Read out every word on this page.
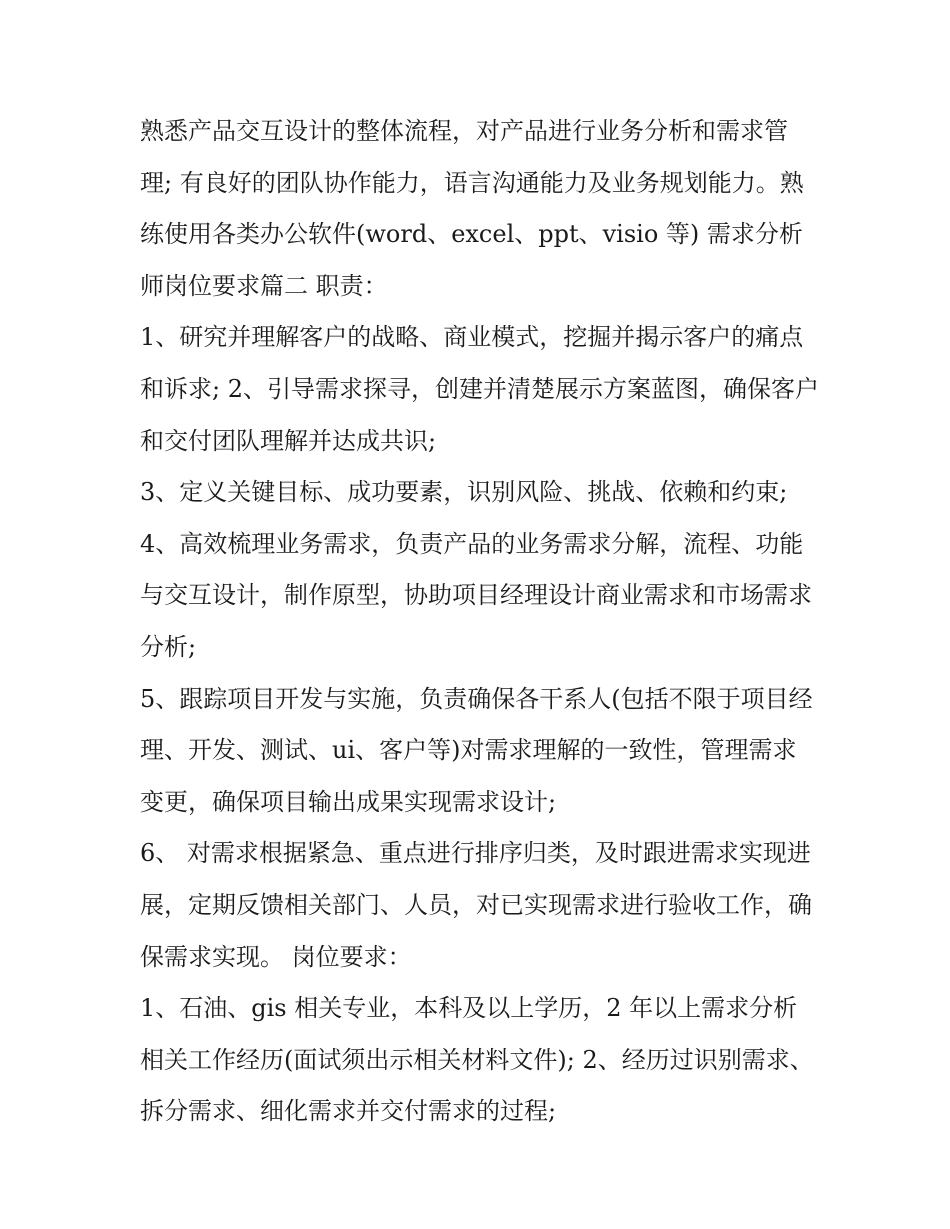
熟悉产品交互设计的整体流程，对产品进行业务分析和需求管理; 有良好的团队协作能力，语言沟通能力及业务规划能力。熟练使用各类办公软件(word、excel、ppt、visio 等) 需求分析师岗位要求篇二 职责：

1、研究并理解客户的战略、商业模式，挖掘并揭示客户的痛点和诉求; 2、引导需求探寻，创建并清楚展示方案蓝图，确保客户和交付团队理解并达成共识;

3、定义关键目标、成功要素，识别风险、挑战、依赖和约束;

4、高效梳理业务需求，负责产品的业务需求分解，流程、功能与交互设计，制作原型，协助项目经理设计商业需求和市场需求分析;

5、跟踪项目开发与实施，负责确保各干系人(包括不限于项目经理、开发、测试、ui、客户等)对需求理解的一致性，管理需求变更，确保项目输出成果实现需求设计;

6、 对需求根据紧急、重点进行排序归类，及时跟进需求实现进展，定期反馈相关部门、人员，对已实现需求进行验收工作，确保需求实现。 岗位要求：

1、石油、gis 相关专业，本科及以上学历，2 年以上需求分析相关工作经历(面试须出示相关材料文件); 2、经历过识别需求、拆分需求、细化需求并交付需求的过程;
